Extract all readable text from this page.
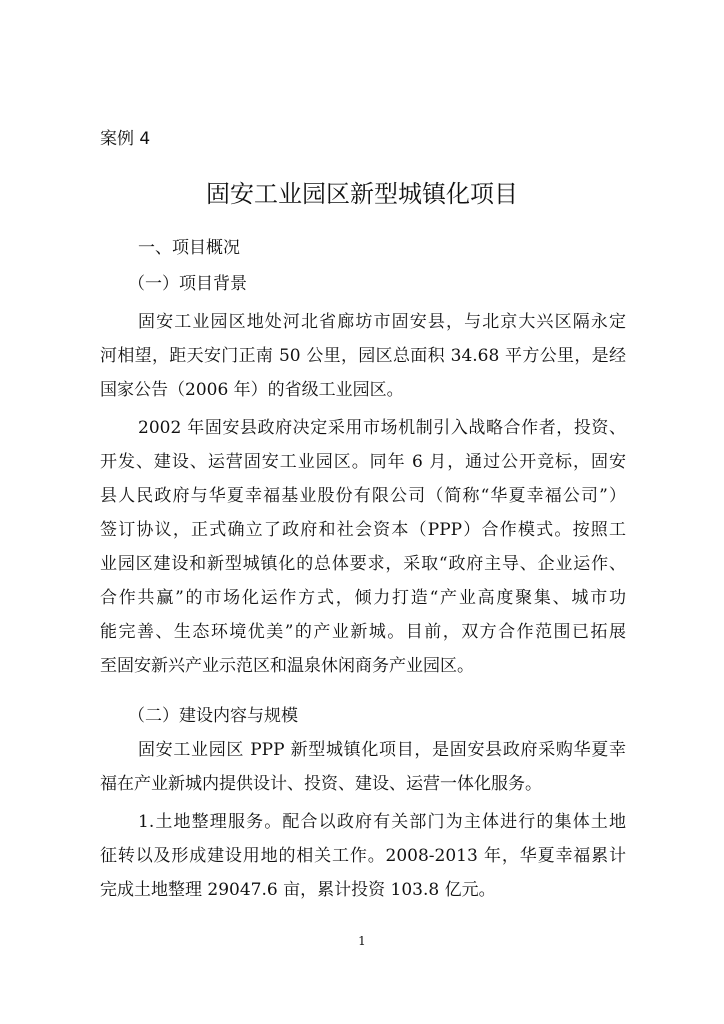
案例 4
固安工业园区新型城镇化项目
一、项目概况
（一）项目背景
固安工业园区地处河北省廊坊市固安县，与北京大兴区隔永定
河相望，距天安门正南 50 公里，园区总面积 34.68 平方公里，是经
国家公告（2006 年）的省级工业园区。
2002 年固安县政府决定采用市场机制引入战略合作者，投资、
开发、建设、运营固安工业园区。同年 6 月，通过公开竞标，固安
县人民政府与华夏幸福基业股份有限公司（简称“华夏幸福公司”）
签订协议，正式确立了政府和社会资本（PPP）合作模式。按照工
业园区建设和新型城镇化的总体要求，采取“政府主导、企业运作、
合作共赢”的市场化运作方式，倾力打造“产业高度聚集、城市功
能完善、生态环境优美”的产业新城。目前，双方合作范围已拓展
至固安新兴产业示范区和温泉休闲商务产业园区。
（二）建设内容与规模
固安工业园区 PPP 新型城镇化项目，是固安县政府采购华夏幸
福在产业新城内提供设计、投资、建设、运营一体化服务。
1.土地整理服务。配合以政府有关部门为主体进行的集体土地
征转以及形成建设用地的相关工作。2008-2013 年，华夏幸福累计
完成土地整理 29047.6 亩，累计投资 103.8 亿元。
1
